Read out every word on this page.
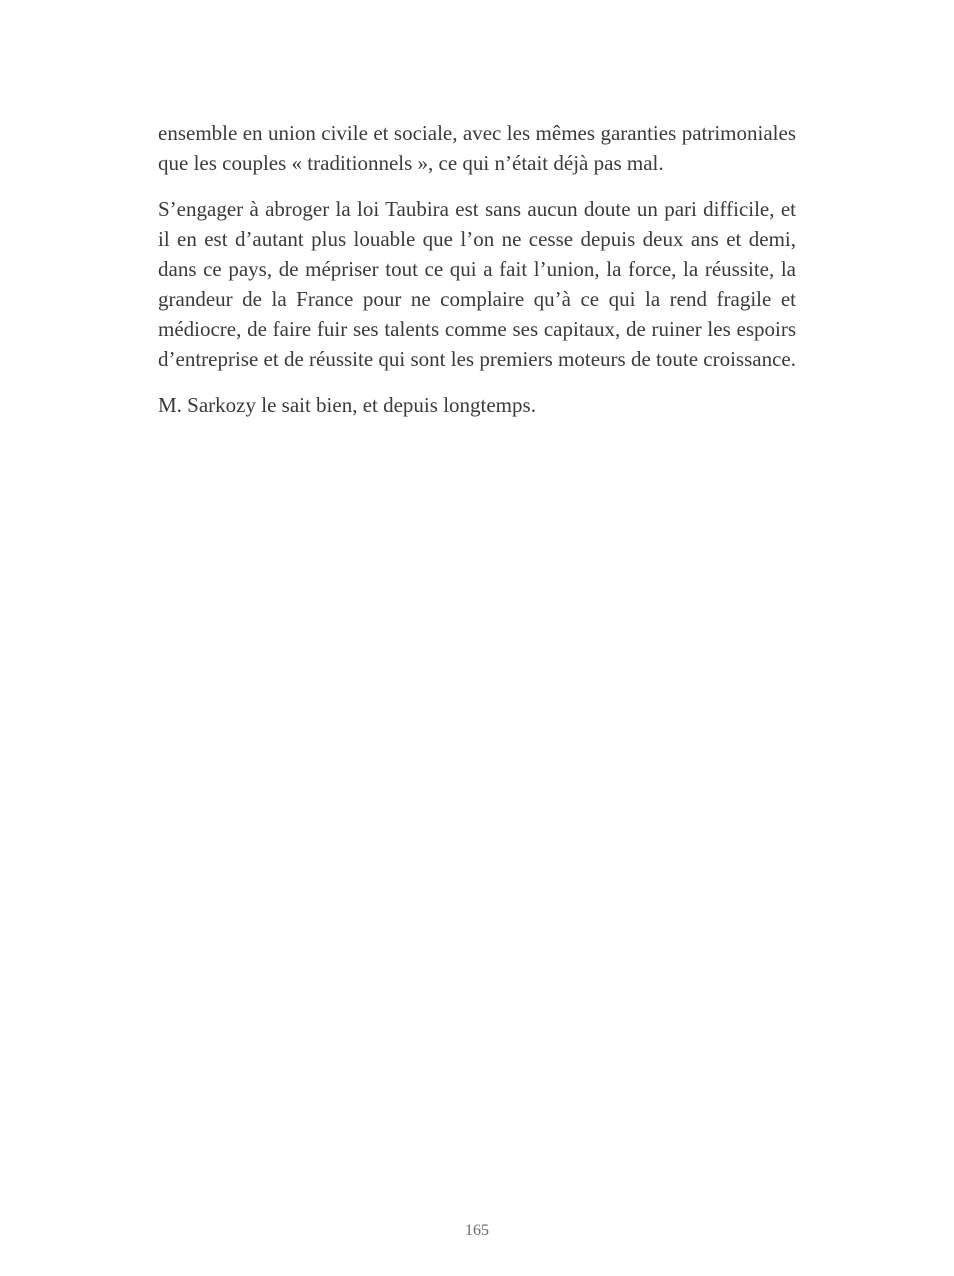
ensemble en union civile et sociale, avec les mêmes garanties patrimoniales que les couples « traditionnels », ce qui n’était déjà pas mal.

S’engager à abroger la loi Taubira est sans aucun doute un pari difficile, et il en est d’autant plus louable que l’on ne cesse depuis deux ans et demi, dans ce pays, de mépriser tout ce qui a fait l’union, la force, la réussite, la grandeur de la France pour ne complaire qu’à ce qui la rend fragile et médiocre, de faire fuir ses talents comme ses capitaux, de ruiner les espoirs d’entreprise et de réussite qui sont les premiers moteurs de toute croissance.

M. Sarkozy le sait bien, et depuis longtemps.

165
